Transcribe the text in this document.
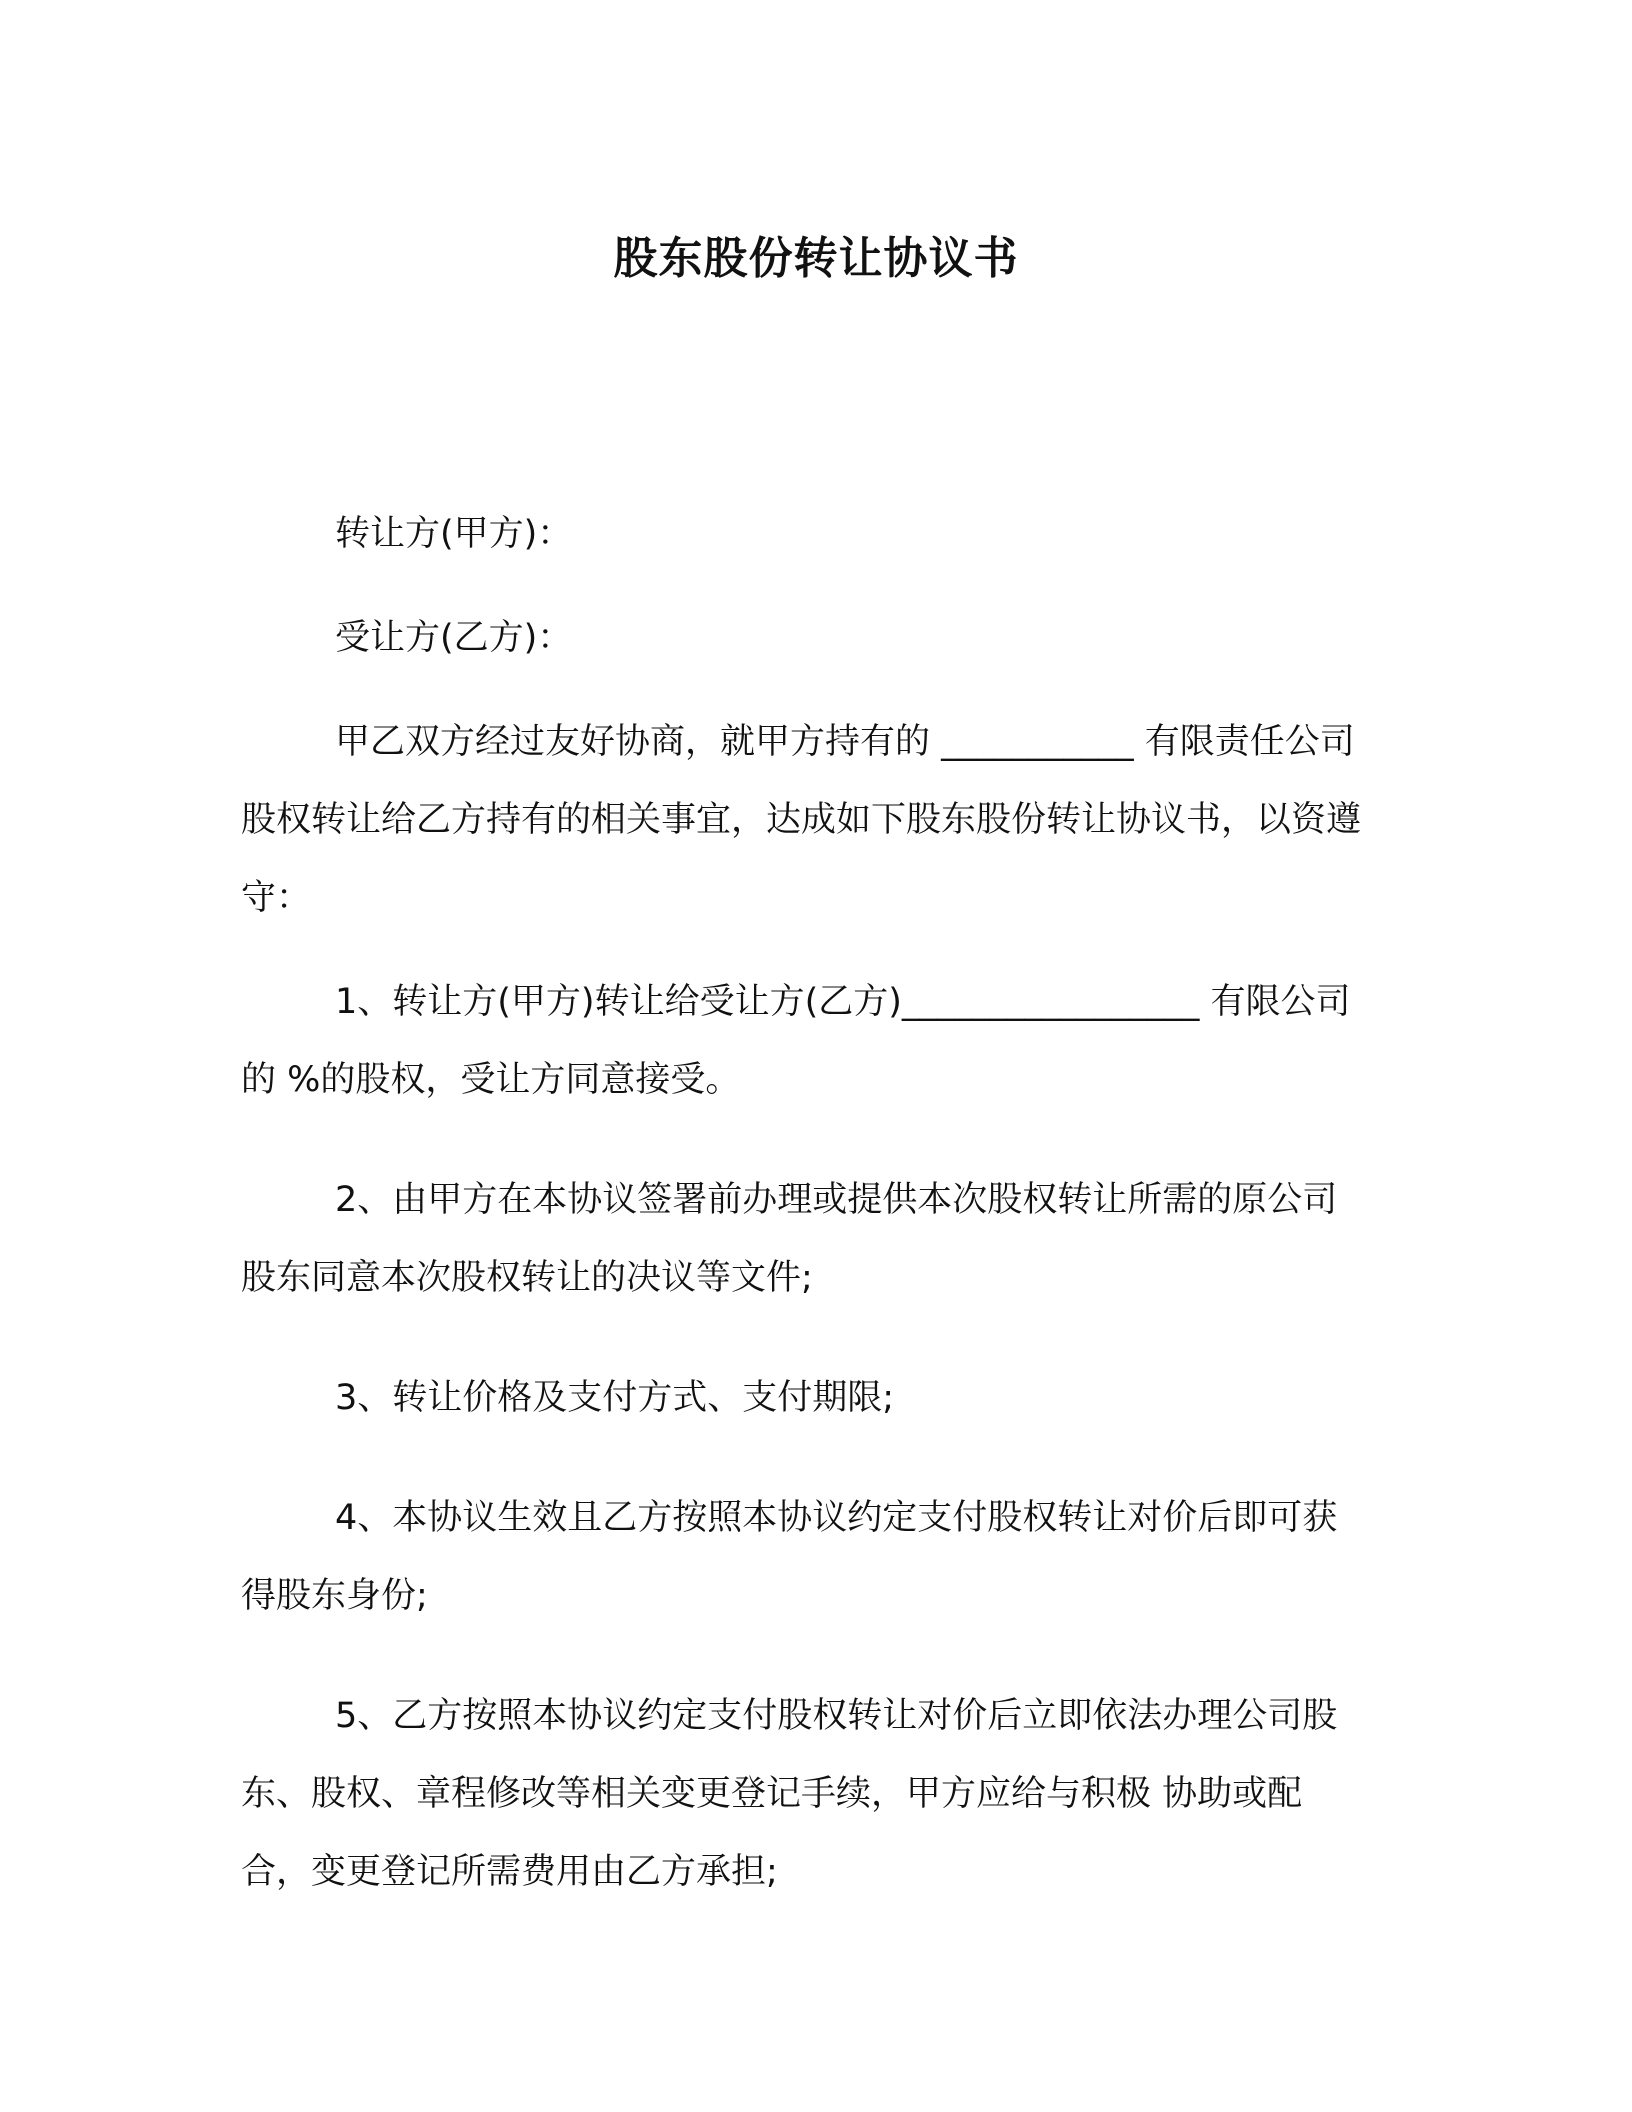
股东股份转让协议书

转让方(甲方)：

受让方(乙方)：

甲乙双方经过友好协商，就甲方持有的 ___________ 有限责任公司股权转让给乙方持有的相关事宜，达成如下股东股份转让协议书，以资遵守：

1、转让方(甲方)转让给受让方(乙方)_________________ 有限公司的 %的股权，受让方同意接受。

2、由甲方在本协议签署前办理或提供本次股权转让所需的原公司股东同意本次股权转让的决议等文件;

3、转让价格及支付方式、支付期限;

4、本协议生效且乙方按照本协议约定支付股权转让对价后即可获得股东身份;

5、乙方按照本协议约定支付股权转让对价后立即依法办理公司股东、股权、章程修改等相关变更登记手续，甲方应给与积极 协助或配合，变更登记所需费用由乙方承担;
